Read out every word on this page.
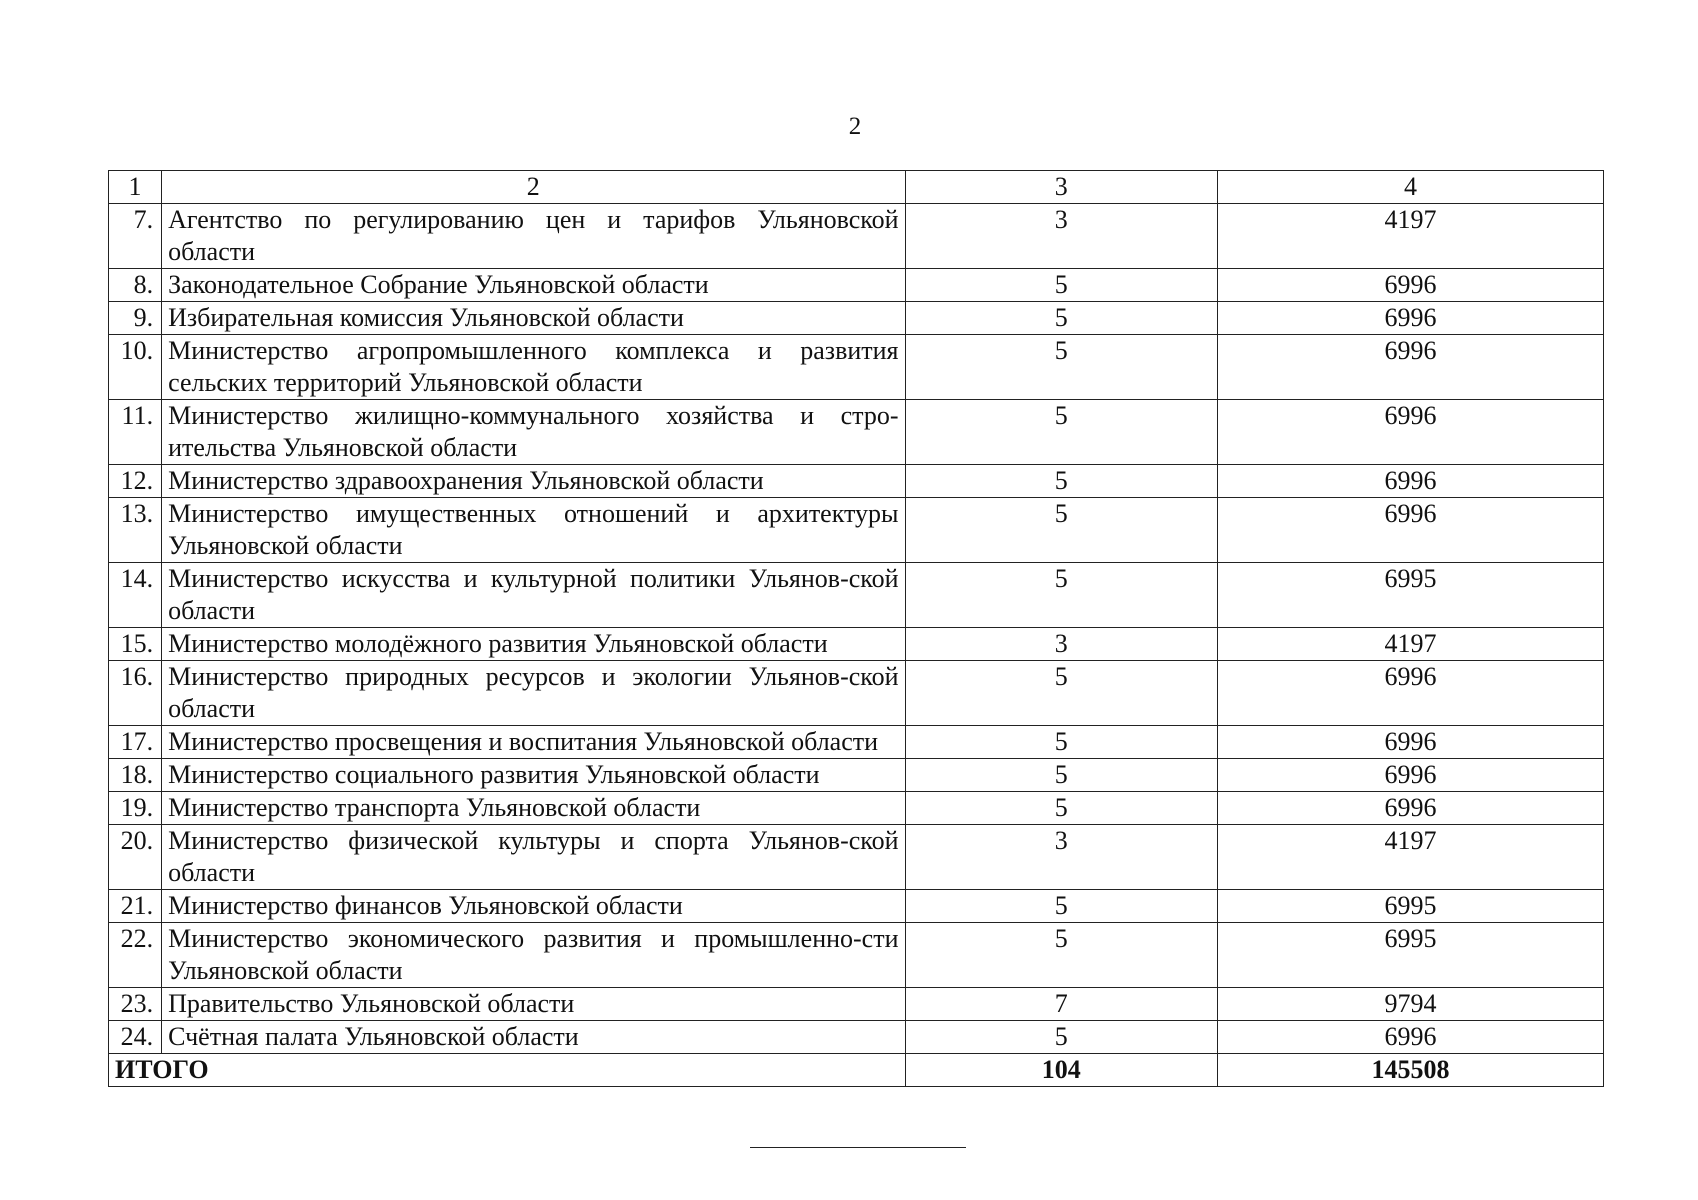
2
1	2	3	4
7.	Агентство по регулированию цен и тарифов Ульяновской области	3	4197
8.	Законодательное Собрание Ульяновской области	5	6996
9.	Избирательная комиссия Ульяновской области	5	6996
10.	Министерство агропромышленного комплекса и развития сельских территорий Ульяновской области	5	6996
11.	Министерство жилищно-коммунального хозяйства и стро-ительства Ульяновской области	5	6996
12.	Министерство здравоохранения Ульяновской области	5	6996
13.	Министерство имущественных отношений и архитектуры Ульяновской области	5	6996
14.	Министерство искусства и культурной политики Ульянов-ской области	5	6995
15.	Министерство молодёжного развития Ульяновской области	3	4197
16.	Министерство природных ресурсов и экологии Ульянов-ской области	5	6996
17.	Министерство просвещения и воспитания Ульяновской области	5	6996
18.	Министерство социального развития Ульяновской области	5	6996
19.	Министерство транспорта Ульяновской области	5	6996
20.	Министерство физической культуры и спорта Ульянов-ской области	3	4197
21.	Министерство финансов Ульяновской области	5	6995
22.	Министерство экономического развития и промышленно-сти Ульяновской области	5	6995
23.	Правительство Ульяновской области	7	9794
24.	Счётная палата Ульяновской области	5	6996
ИТОГО		104	145508
